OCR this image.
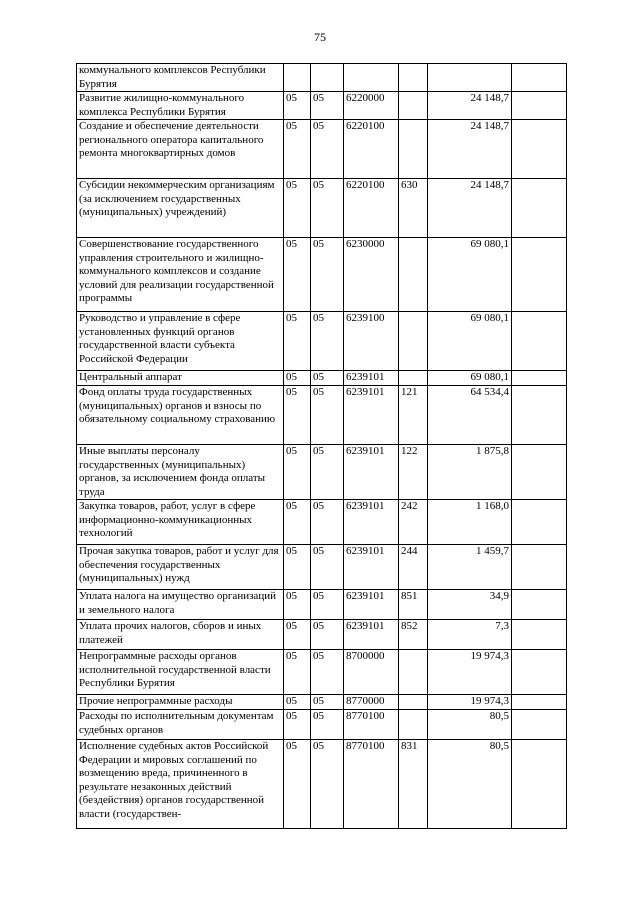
75
коммунального комплексов Республики Бурятия						
Развитие жилищно-коммунального комплекса Республики Бурятия	05	05	6220000		24 148,7	
Создание и обеспечение деятельности регионального оператора капитального ремонта многоквартирных домов	05	05	6220100		24 148,7	
Субсидии некоммерческим организациям (за исключением государственных (муниципальных) учреждений)	05	05	6220100	630	24 148,7	
Совершенствование государственного управления строительного и жилищно-коммунального комплексов и создание условий для реализации государственной программы	05	05	6230000		69 080,1	
Руководство и управление в сфере установленных функций органов государственной власти субъекта Российской Федерации	05	05	6239100		69 080,1	
Центральный аппарат	05	05	6239101		69 080,1	
Фонд оплаты труда государственных (муниципальных) органов и взносы по обязательному социальному страхованию	05	05	6239101	121	64 534,4	
Иные выплаты персоналу государственных (муниципальных) органов, за исключением фонда оплаты труда	05	05	6239101	122	1 875,8	
Закупка товаров, работ, услуг в сфере информационно-коммуникационных технологий	05	05	6239101	242	1 168,0	
Прочая закупка товаров, работ и услуг для обеспечения государственных (муниципальных) нужд	05	05	6239101	244	1 459,7	
Уплата налога на имущество организаций и земельного налога	05	05	6239101	851	34,9	
Уплата прочих налогов, сборов и иных платежей	05	05	6239101	852	7,3	
Непрограммные расходы органов исполнительной государственной власти Республики Бурятия	05	05	8700000		19 974,3	
Прочие непрограммные расходы	05	05	8770000		19 974,3	
Расходы по исполнительным документам судебных органов	05	05	8770100		80,5	
Исполнение судебных актов Российской Федерации и мировых соглашений по возмещению вреда, причиненного в результате незаконных действий (бездействия) органов государственной власти (государствен-	05	05	8770100	831	80,5	
